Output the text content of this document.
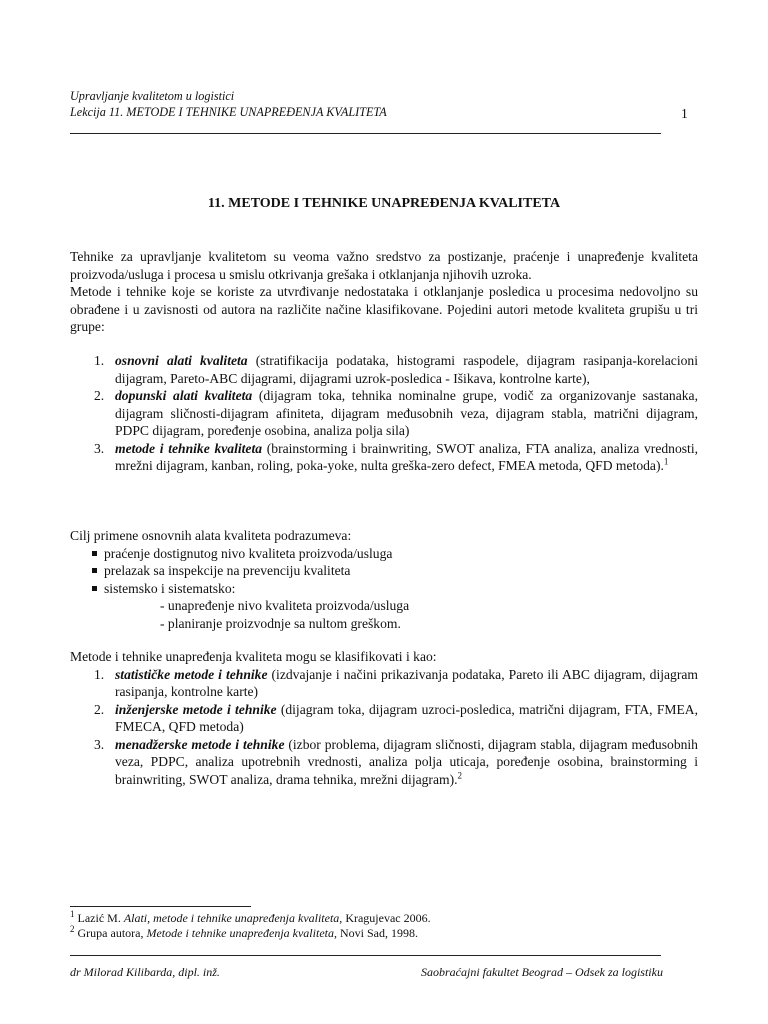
Upravljanje kvalitetom u logistici
Lekcija 11. METODE I TEHNIKE UNAPREĐENJA KVALITETA	1
11. METODE I TEHNIKE UNAPREĐENJA KVALITETA

Tehnike za upravljanje kvalitetom su veoma važno sredstvo za postizanje, praćenje i unapređenje kvaliteta proizvoda/usluga i procesa u smislu otkrivanja grešaka i otklanjanja njihovih uzroka.

Metode i tehnike koje se koriste za utvrđivanje nedostataka i otklanjanje posledica u procesima nedovoljno su obrađene i u zavisnosti od autora na različite načine klasifikovane. Pojedini autori metode kvaliteta grupišu u tri grupe:

1. osnovni alati kvaliteta (stratifikacija podataka, histogrami raspodele, dijagram rasipanja-korelacioni dijagram, Pareto-ABC dijagrami, dijagrami uzrok-posledica - Išikava, kontrolne karte),
2. dopunski alati kvaliteta (dijagram toka, tehnika nominalne grupe, vodič za organizovanje sastanaka, dijagram sličnosti-dijagram afiniteta, dijagram međusobnih veza, dijagram stabla, matrični dijagram, PDPC dijagram, poređenje osobina, analiza polja sila)
3. metode i tehnike kvaliteta (brainstorming i brainwriting, SWOT analiza, FTA analiza, analiza vrednosti, mrežni dijagram, kanban, roling, poka-yoke, nulta greška-zero defect, FMEA metoda, QFD metoda).$^1$

Cilj primene osnovnih alata kvaliteta podrazumeva:

praćenje dostignutog nivo kvaliteta proizvoda/usluga
prelazak sa inspekcije na prevenciju kvaliteta
sistemsko i sistematsko:
- unapređenje nivo kvaliteta proizvoda/usluga
- planiranje proizvodnje sa nultom greškom.

Metode i tehnike unapređenja kvaliteta mogu se klasifikovati i kao:

1. statističke metode i tehnike (izdvajanje i načini prikazivanja podataka, Pareto ili ABC dijagram, dijagram rasipanja, kontrolne karte)
2. inženjerske metode i tehnike (dijagram toka, dijagram uzroci-posledica, matrični dijagram, FTA, FMEA, FMECA, QFD metoda)
3. menadžerske metode i tehnike (izbor problema, dijagram sličnosti, dijagram stabla, dijagram međusobnih veza, PDPC, analiza upotrebnih vrednosti, analiza polja uticaja, poređenje osobina, brainstorming i brainwriting, SWOT analiza, drama tehnika, mrežni dijagram).$^2$
$^1$ Lazić M. Alati, metode i tehnike unapređenja kvaliteta, Kragujevac 2006.
$^2$ Grupa autora, Metode i tehnike unapređenja kvaliteta, Novi Sad, 1998.
dr Milorad Kilibarda, dipl. inž.	Saobraćajni fakultet Beograd – Odsek za logistiku
